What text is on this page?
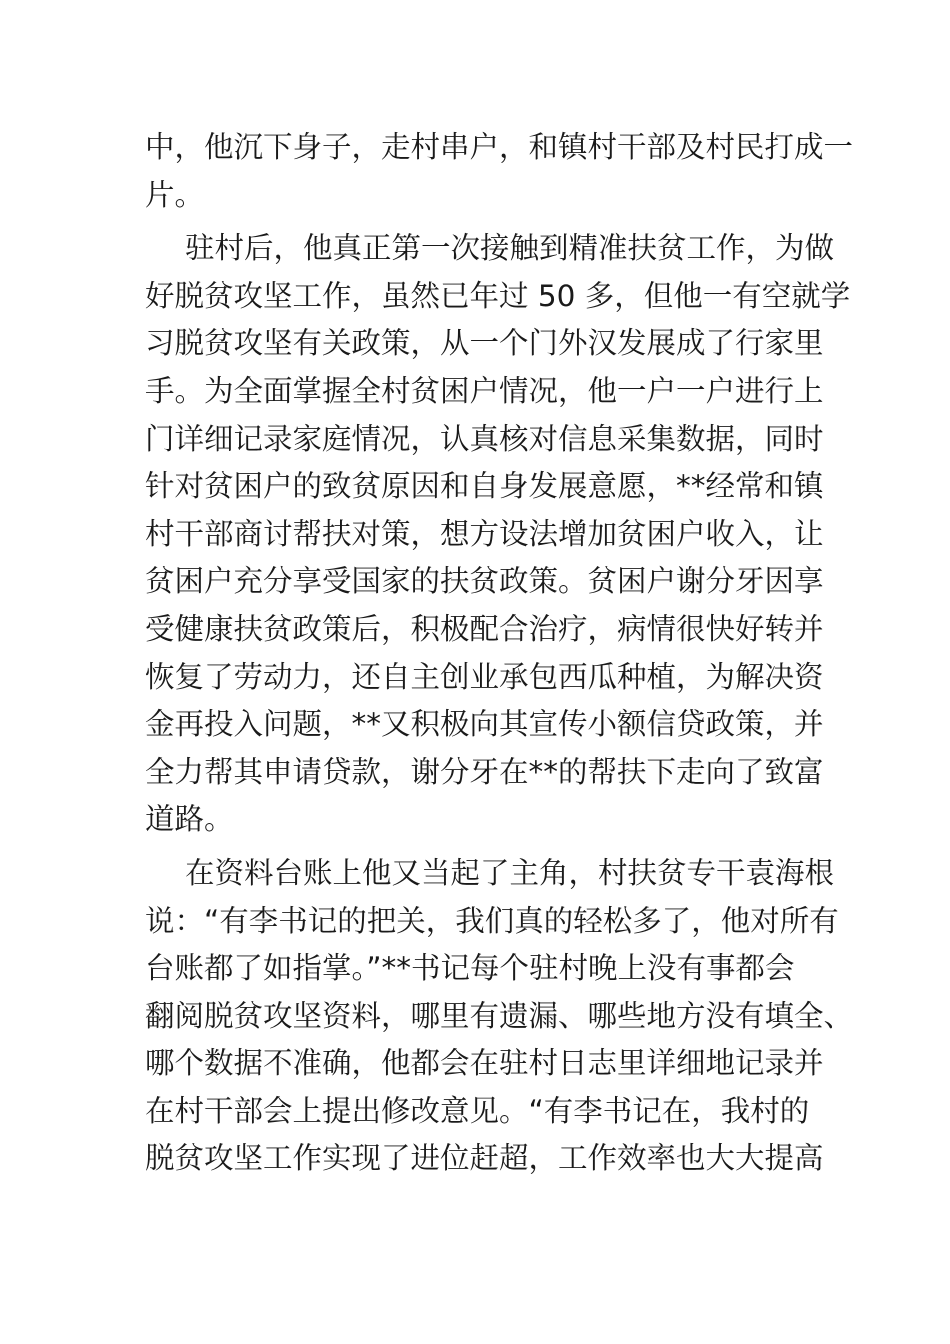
中，他沉下身子，走村串户，和镇村干部及村民打成一
片。
驻村后，他真正第一次接触到精准扶贫工作，为做
好脱贫攻坚工作，虽然已年过 50 多，但他一有空就学
习脱贫攻坚有关政策，从一个门外汉发展成了行家里
手。为全面掌握全村贫困户情况，他一户一户进行上
门详细记录家庭情况，认真核对信息采集数据，同时
针对贫困户的致贫原因和自身发展意愿，**经常和镇
村干部商讨帮扶对策，想方设法增加贫困户收入，让
贫困户充分享受国家的扶贫政策。贫困户谢分牙因享
受健康扶贫政策后，积极配合治疗，病情很快好转并
恢复了劳动力，还自主创业承包西瓜种植，为解决资
金再投入问题，**又积极向其宣传小额信贷政策，并
全力帮其申请贷款，谢分牙在**的帮扶下走向了致富
道路。
在资料台账上他又当起了主角，村扶贫专干袁海根
说：“有李书记的把关，我们真的轻松多了，他对所有
台账都了如指掌。”**书记每个驻村晚上没有事都会
翻阅脱贫攻坚资料，哪里有遗漏、哪些地方没有填全、
哪个数据不准确，他都会在驻村日志里详细地记录并
在村干部会上提出修改意见。“有李书记在，我村的
脱贫攻坚工作实现了进位赶超，工作效率也大大提高
